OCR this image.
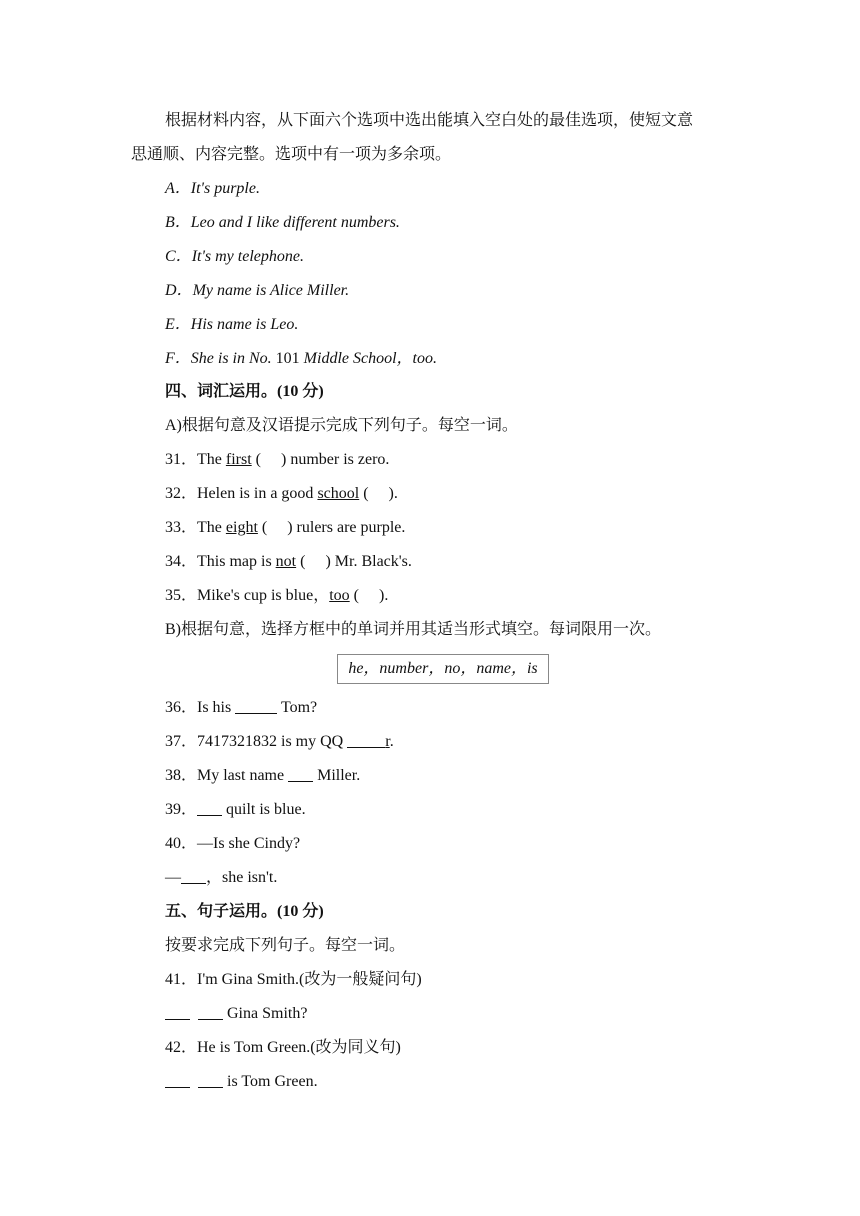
根据材料内容，从下面六个选项中选出能填入空白处的最佳选项，使短文意
思通顺、内容完整。选项中有一项为多余项。
A．It's purple.
B．Leo and I like different numbers.
C．It's my telephone.
D．My name is Alice Miller.
E．His name is Leo.
F．She is in No. 101 Middle School，too.
四、词汇运用。(10 分)
A)根据句意及汉语提示完成下列句子。每空一词。
31．The first (　 ) number is zero.
32．Helen is in a good school (　 ).
33．The eight (　 ) rulers are purple.
34．This map is not (　 ) Mr. Black's.
35．Mike's cup is blue，too (　 ).
B)根据句意，选择方框中的单词并用其适当形式填空。每词限用一次。
he，number，no，name，is
36．Is his	Tom?
37．7417321832 is my QQ r.
38．My last name  Miller.
39． quilt is blue.
40．—Is she Cindy?
— ，she isn't.
五、句子运用。(10 分)
按要求完成下列句子。每空一词。
41．I'm Gina Smith.(改为一般疑问句)
Gina Smith?
42．He is Tom Green.(改为同义句)
is Tom Green.
